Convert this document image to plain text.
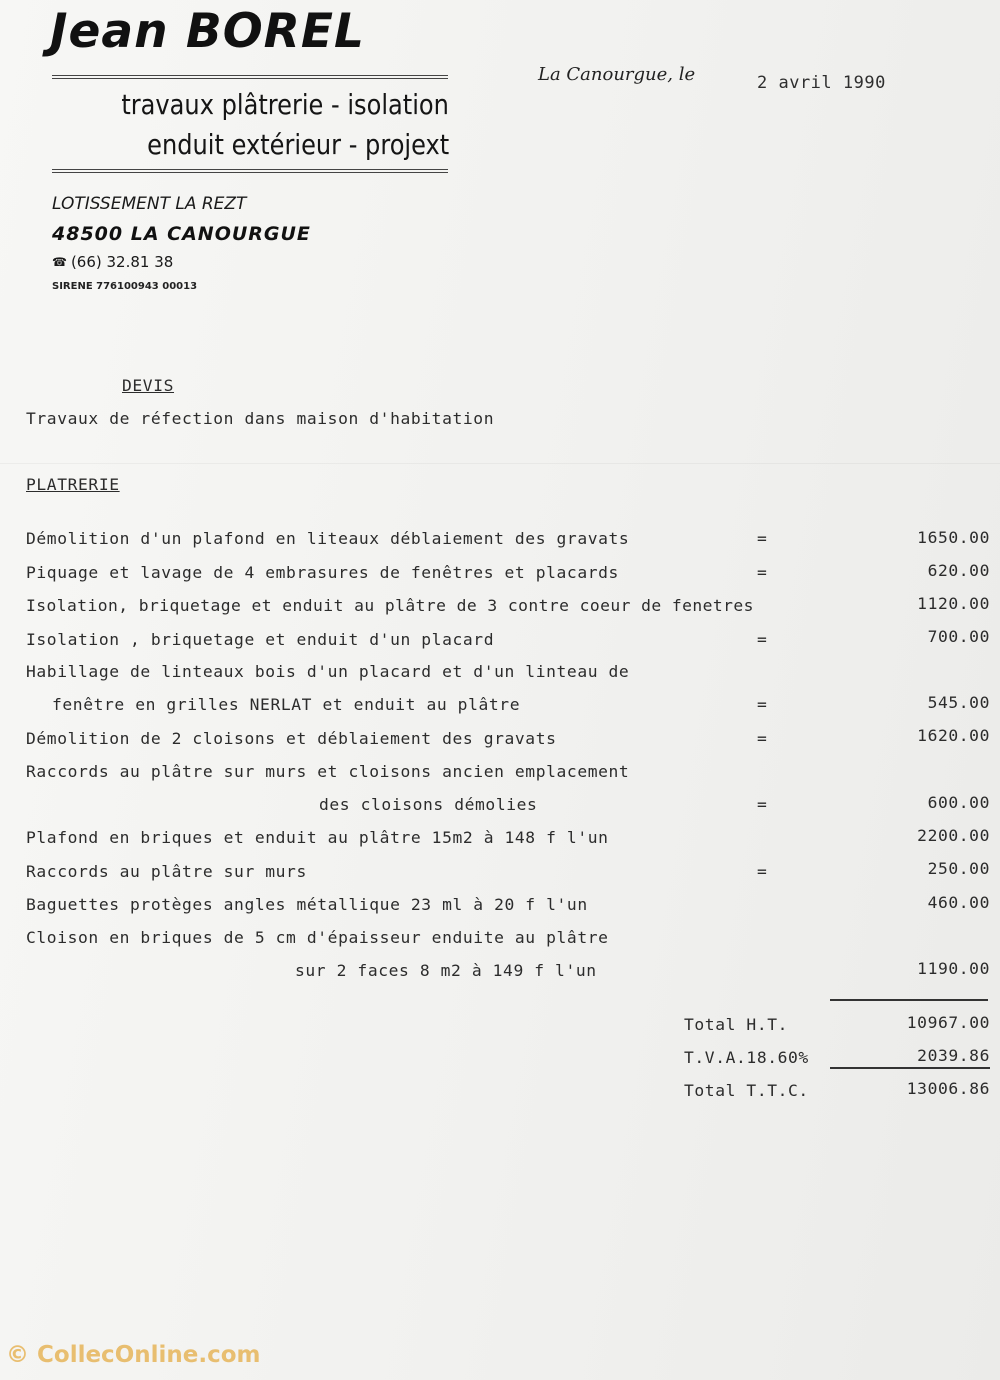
Jean BOREL
travaux plâtrerie - isolation
enduit extérieur - projext
LOTISSEMENT LA REZT
48500 LA CANOURGUE
☎ (66) 32.81 38
SIRENE 776100943 00013
La Canourgue, le	2 avril 1990
DEVIS
Travaux de réfection dans maison d'habitation
PLATRERIE
Démolition d'un plafond en liteaux déblaiement des gravats	=	1650.00
Piquage et lavage de 4 embrasures de fenêtres et placards	=	620.00
Isolation, briquetage et enduit au plâtre de 3 contre coeur de fenetres	1120.00
Isolation , briquetage et enduit d'un placard	=	700.00
Habillage de linteaux bois d'un placard et d'un linteau de
fenêtre en grilles NERLAT et enduit au plâtre	=	545.00
Démolition de 2 cloisons et déblaiement des gravats	=	1620.00
Raccords au plâtre sur murs et cloisons ancien emplacement
des cloisons démolies	=	600.00
Plafond en briques et enduit au plâtre 15m2 à 148 f l'un	2200.00
Raccords au plâtre sur murs	=	250.00
Baguettes protèges angles métallique 23 ml à 20 f l'un	460.00
Cloison en briques de 5 cm d'épaisseur enduite au plâtre
sur 2 faces 8 m2 à 149 f l'un	1190.00
Total H.T.	10967.00
T.V.A.18.60%	2039.86
Total T.T.C.	13006.86
© CollecOnline.com
